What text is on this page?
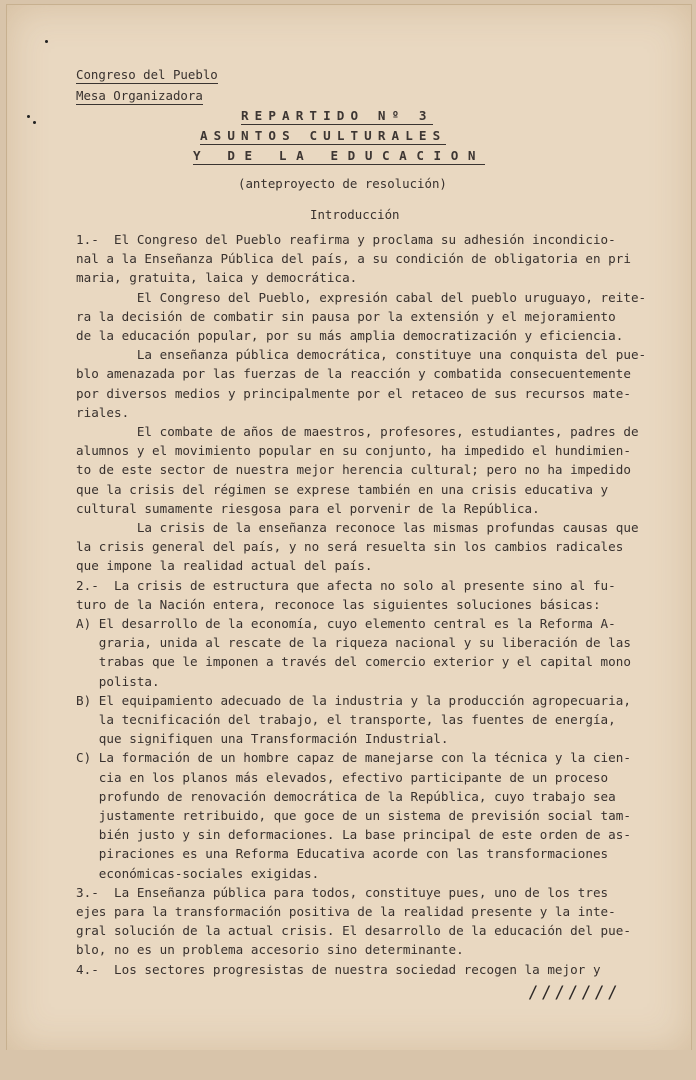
Congreso del Pueblo
Mesa Organizadora
REPARTIDO Nº 3
ASUNTOS CULTURALES
Y DE LA EDUCACION
(anteproyecto de resolución)
Introducción
1.-  El Congreso del Pueblo reafirma y proclama su adhesión incondicio-
nal a la Enseñanza Pública del país, a su condición de obligatoria en pri
maria, gratuita, laica y democrática.
El Congreso del Pueblo, expresión cabal del pueblo uruguayo, reite-
ra la decisión de combatir sin pausa por la extensión y el mejoramiento
de la educación popular, por su más amplia democratización y eficiencia.
La enseñanza pública democrática, constituye una conquista del pue-
blo amenazada por las fuerzas de la reacción y combatida consecuentemente
por diversos medios y principalmente por el retaceo de sus recursos mate-
riales.
El combate de años de maestros, profesores, estudiantes, padres de
alumnos y el movimiento popular en su conjunto, ha impedido el hundimien-
to de este sector de nuestra mejor herencia cultural; pero no ha impedido
que la crisis del régimen se exprese también en una crisis educativa y
cultural sumamente riesgosa para el porvenir de la República.
La crisis de la enseñanza reconoce las mismas profundas causas que
la crisis general del país, y no será resuelta sin los cambios radicales
que impone la realidad actual del país.
2.-  La crisis de estructura que afecta no solo al presente sino al fu-
turo de la Nación entera, reconoce las siguientes soluciones básicas:
A) El desarrollo de la economía, cuyo elemento central es la Reforma A-
graria, unida al rescate de la riqueza nacional y su liberación de las
trabas que le imponen a través del comercio exterior y el capital mono
polista.
B) El equipamiento adecuado de la industria y la producción agropecuaria,
la tecnificación del trabajo, el transporte, las fuentes de energía,
que signifiquen una Transformación Industrial.
C) La formación de un hombre capaz de manejarse con la técnica y la cien-
cia en los planos más elevados, efectivo participante de un proceso
profundo de renovación democrática de la República, cuyo trabajo sea
justamente retribuido, que goce de un sistema de previsión social tam-
bién justo y sin deformaciones. La base principal de este orden de as-
piraciones es una Reforma Educativa acorde con las transformaciones
económicas-sociales exigidas.
3.-  La Enseñanza pública para todos, constituye pues, uno de los tres
ejes para la transformación positiva de la realidad presente y la inte-
gral solución de la actual crisis. El desarrollo de la educación del pue-
blo, no es un problema accesorio sino determinante.
4.-  Los sectores progresistas de nuestra sociedad recogen la mejor y
///////
